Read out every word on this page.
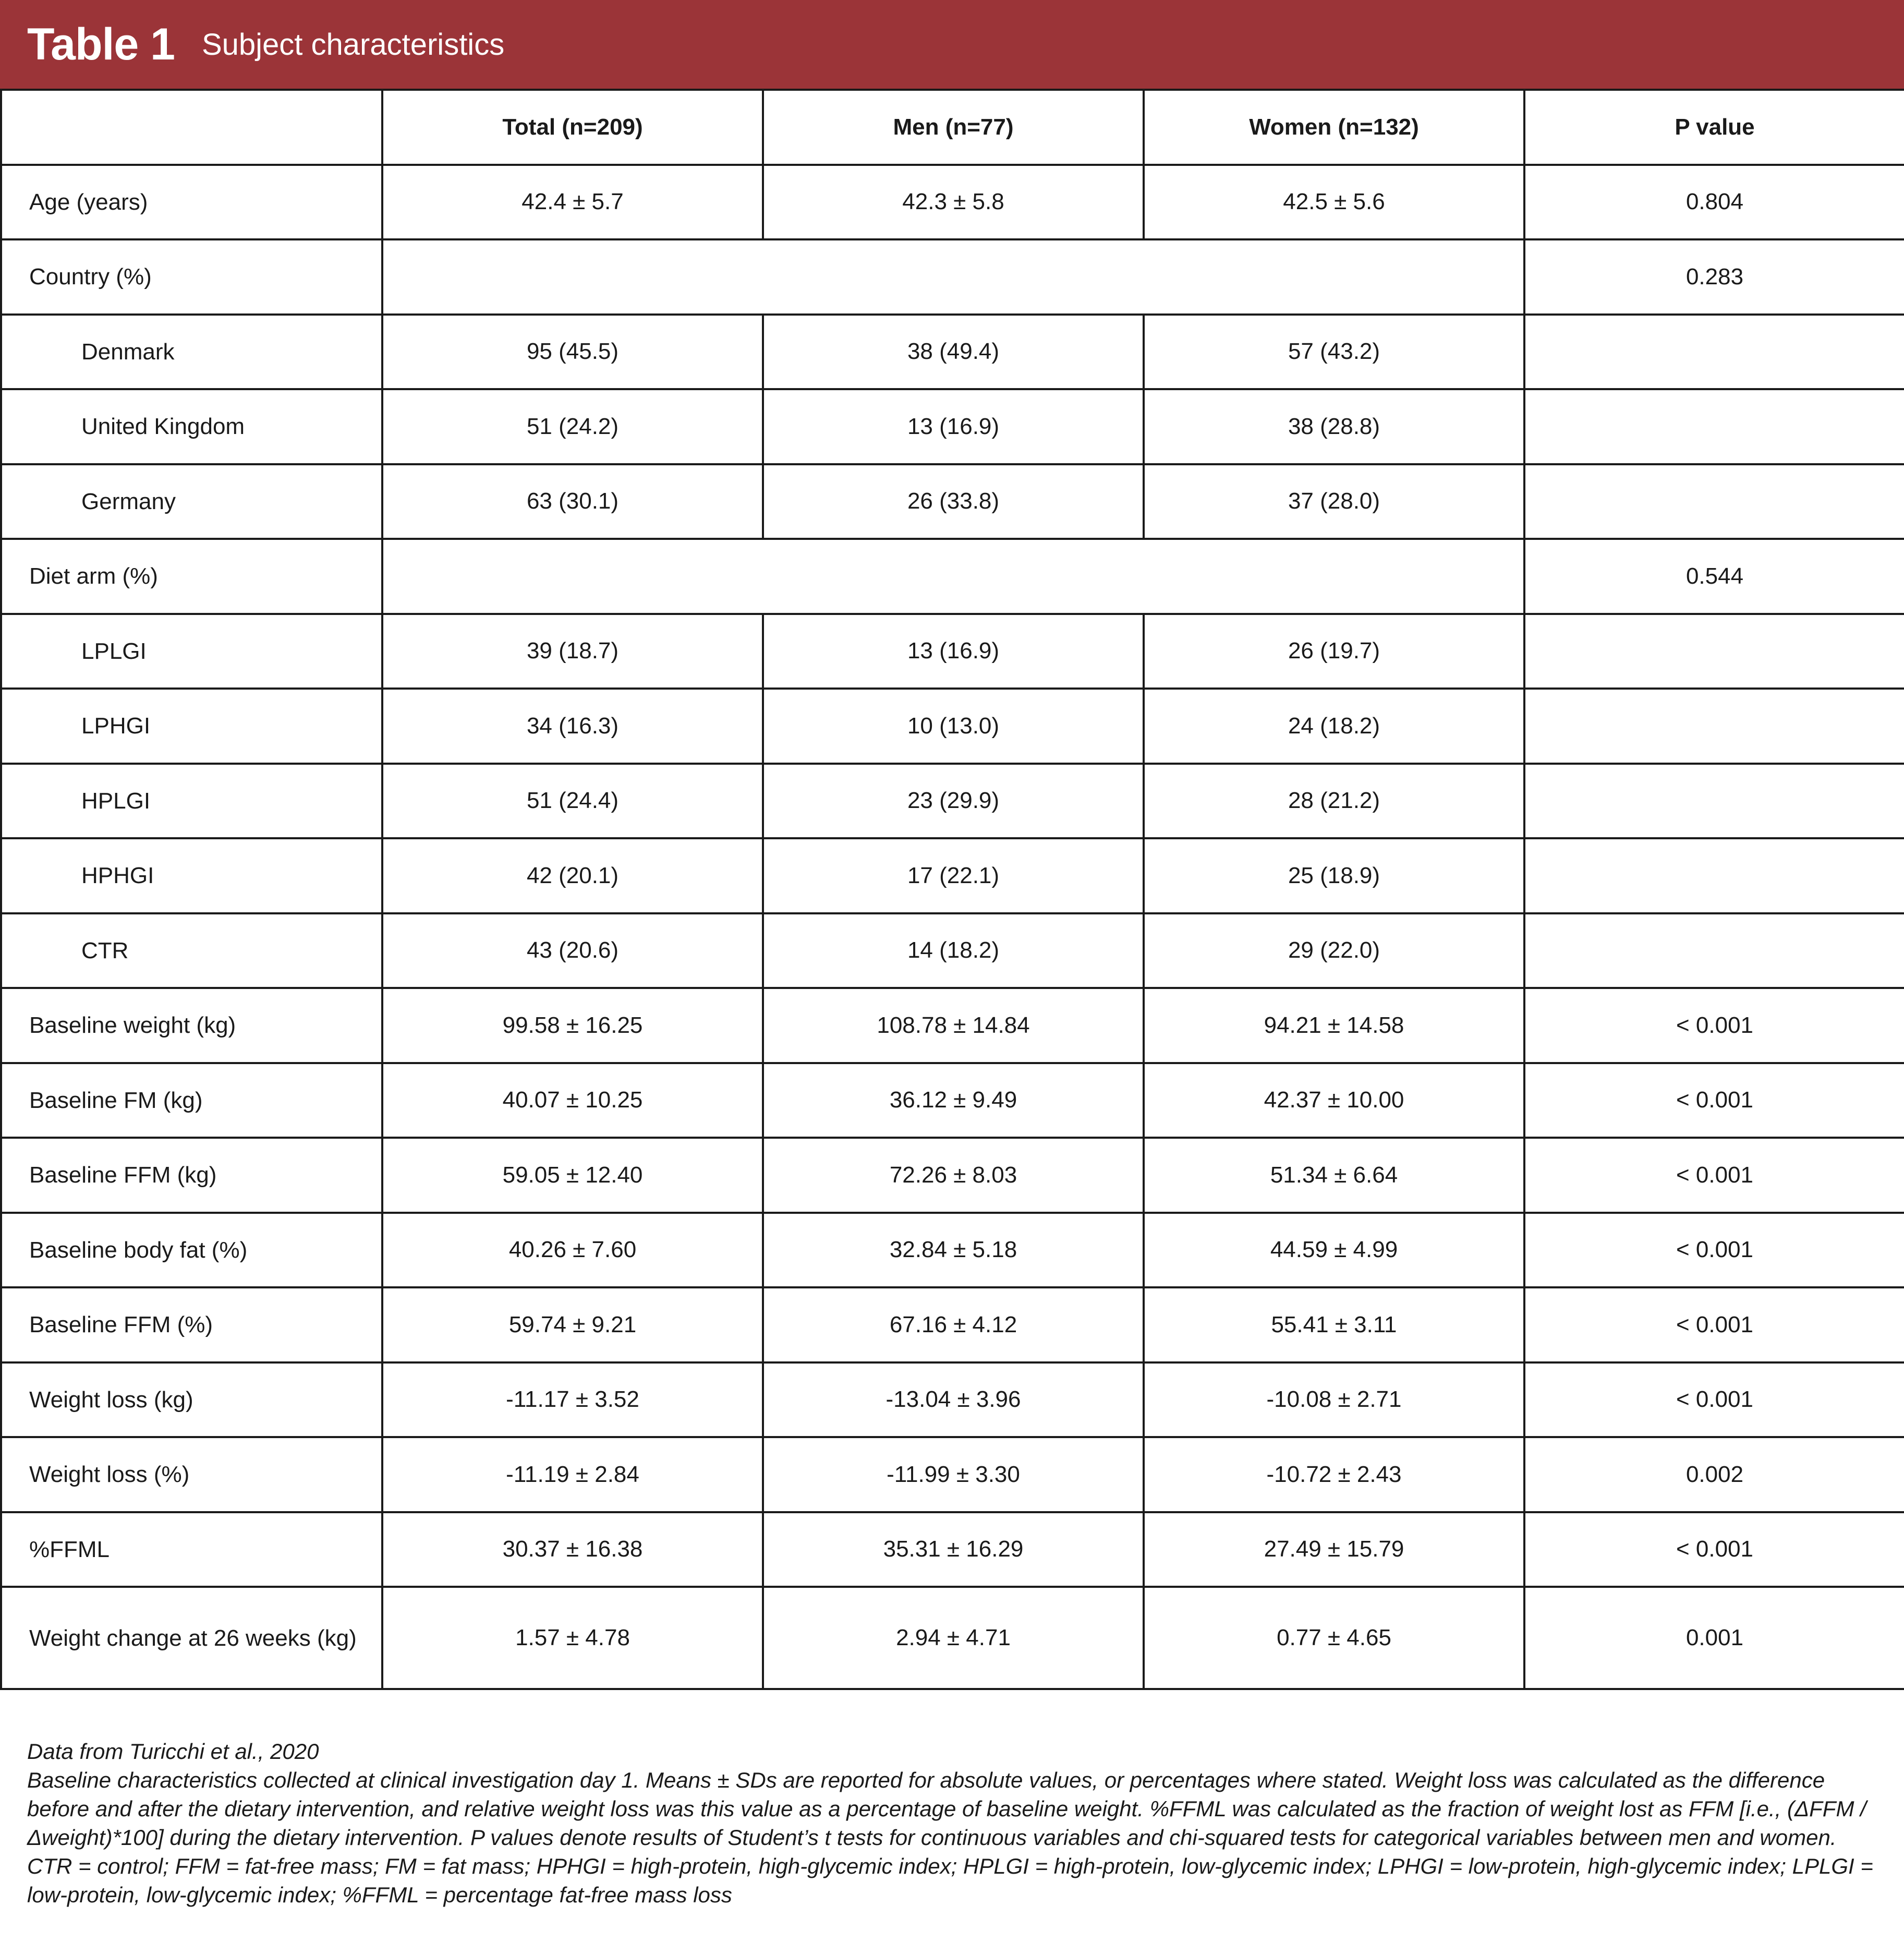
Table 1 Subject characteristics
	Total (n=209)	Men (n=77)	Women (n=132)	P value
Age (years)	42.4 ± 5.7	42.3 ± 5.8	42.5 ± 5.6	0.804
Country (%)				0.283
Denmark	95 (45.5)	38 (49.4)	57 (43.2)	
United Kingdom	51 (24.2)	13 (16.9)	38 (28.8)	
Germany	63 (30.1)	26 (33.8)	37 (28.0)	
Diet arm (%)				0.544
LPLGI	39 (18.7)	13 (16.9)	26 (19.7)	
LPHGI	34 (16.3)	10 (13.0)	24 (18.2)	
HPLGI	51 (24.4)	23 (29.9)	28 (21.2)	
HPHGI	42 (20.1)	17 (22.1)	25 (18.9)	
CTR	43 (20.6)	14 (18.2)	29 (22.0)	
Baseline weight (kg)	99.58 ± 16.25	108.78 ± 14.84	94.21 ± 14.58	< 0.001
Baseline FM (kg)	40.07 ± 10.25	36.12 ± 9.49	42.37 ± 10.00	< 0.001
Baseline FFM (kg)	59.05 ± 12.40	72.26 ± 8.03	51.34 ± 6.64	< 0.001
Baseline body fat (%)	40.26 ± 7.60	32.84 ± 5.18	44.59 ± 4.99	< 0.001
Baseline FFM (%)	59.74 ± 9.21	67.16 ± 4.12	55.41 ± 3.11	< 0.001
Weight loss (kg)	-11.17 ± 3.52	-13.04 ± 3.96	-10.08 ± 2.71	< 0.001
Weight loss (%)	-11.19 ± 2.84	-11.99 ± 3.30	-10.72 ± 2.43	0.002
%FFML	30.37 ± 16.38	35.31 ± 16.29	27.49 ± 15.79	< 0.001
Weight change at 26 weeks (kg)	1.57 ± 4.78	2.94 ± 4.71	0.77 ± 4.65	0.001

Data from Turicchi et al., 2020

Baseline characteristics collected at clinical investigation day 1. Means ± SDs are reported for absolute values, or percentages where stated. Weight loss was calculated as the difference before and after the dietary intervention, and relative weight loss was this value as a percentage of baseline weight. %FFML was calculated as the fraction of weight lost as FFM [i.e., (ΔFFM / Δweight)*100] during the dietary intervention. P values denote results of Student’s t tests for continuous variables and chi-squared tests for categorical variables between men and women.

CTR = control; FFM = fat-free mass; FM = fat mass; HPHGI = high-protein, high-glycemic index; HPLGI = high-protein, low-glycemic index; LPHGI = low-protein, high-glycemic index; LPLGI = low-protein, low-glycemic index; %FFML = percentage fat-free mass loss
